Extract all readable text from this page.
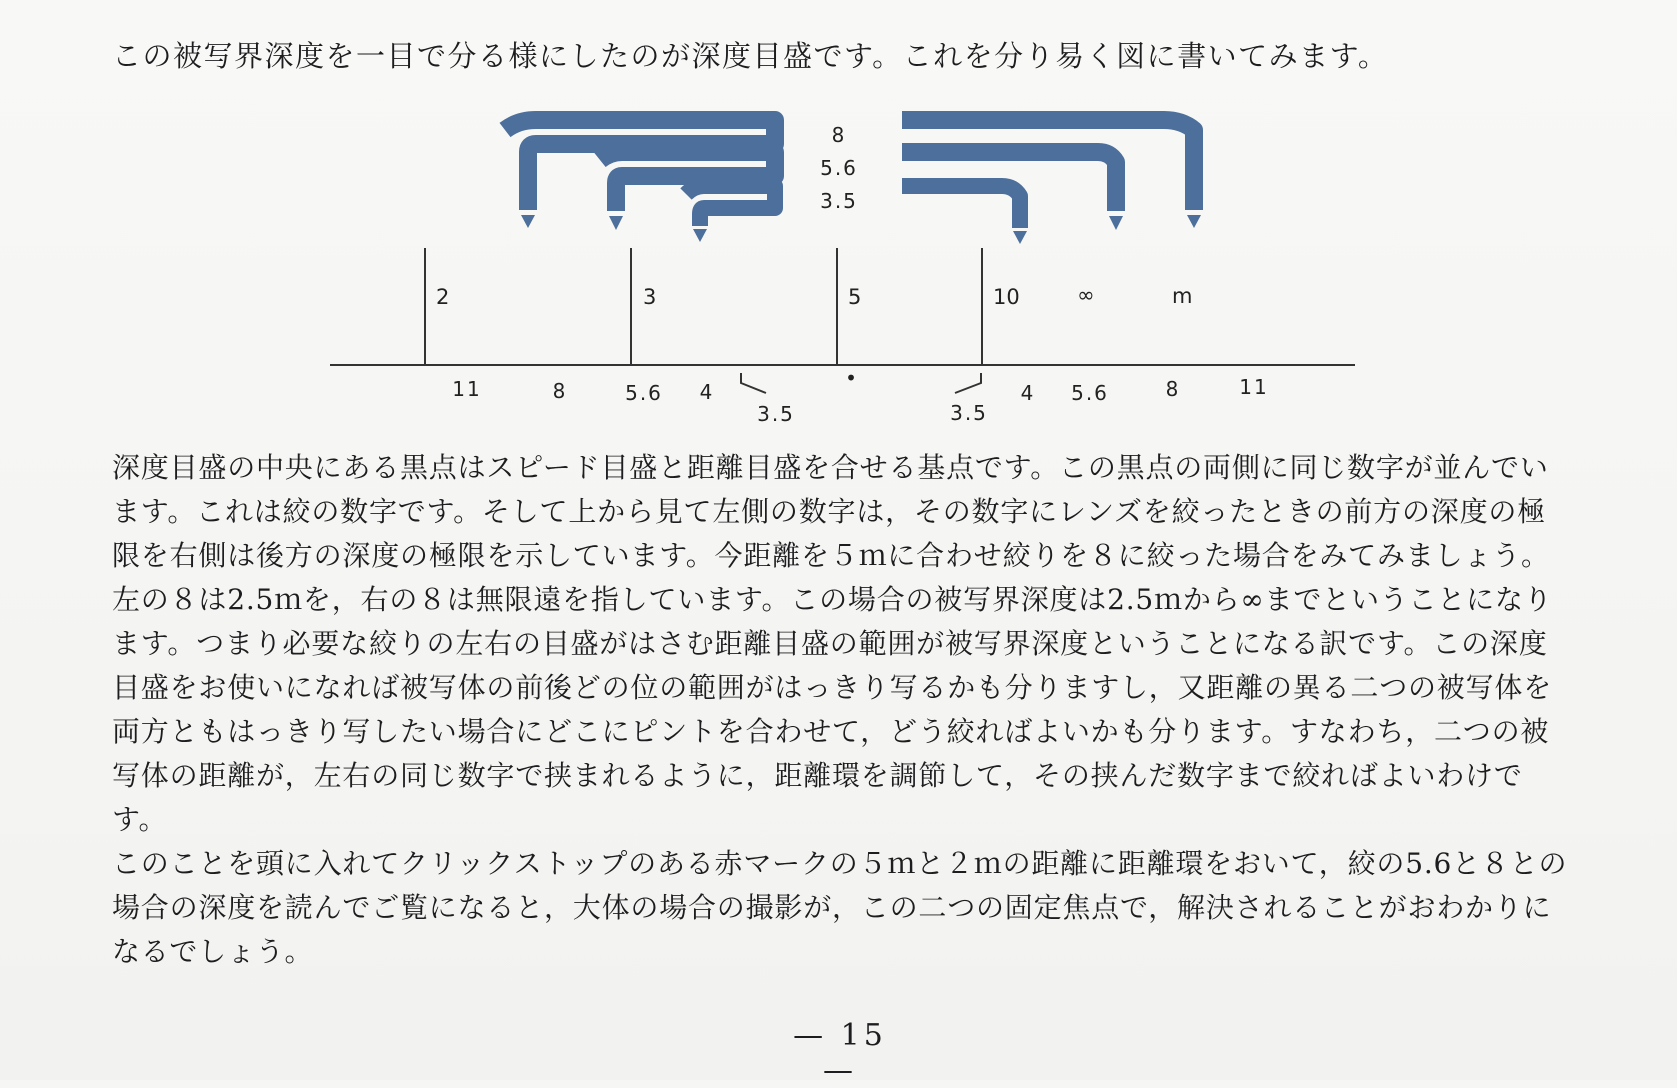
この被写界深度を一目で分る様にしたのが深度目盛です。これを分り易く図に書いてみます。
8
5.6
3.5
2	3	5	10	∞	m
11	8	5.6 4
3.5
•
3.5
4 5.6	8	11

深度目盛の中央にある黒点はスピード目盛と距離目盛を合せる基点です。この黒点の両側に同じ数字が並んでいます。これは絞の数字です。そして上から見て左側の数字は，その数字にレンズを絞ったときの前方の深度の極限を右側は後方の深度の極限を示しています。今距離を５ｍに合わせ絞りを８に絞った場合をみてみましょう。左の８は2.5ｍを，右の８は無限遠を指しています。この場合の被写界深度は2.5ｍから∞までということになります。つまり必要な絞りの左右の目盛がはさむ距離目盛の範囲が被写界深度ということになる訳です。この深度目盛をお使いになれば被写体の前後どの位の範囲がはっきり写るかも分りますし，又距離の異る二つの被写体を両方ともはっきり写したい場合にどこにピントを合わせて，どう絞ればよいかも分ります。すなわち，二つの被写体の距離が，左右の同じ数字で挟まれるように，距離環を調節して，その挟んだ数字まで絞ればよいわけです。

このことを頭に入れてクリックストップのある赤マークの５ｍと２ｍの距離に距離環をおいて，絞の5.6と８との場合の深度を読んでご覧になると，大体の場合の撮影が，この二つの固定焦点で，解決されることがおわかりになるでしょう。

— 15 —
